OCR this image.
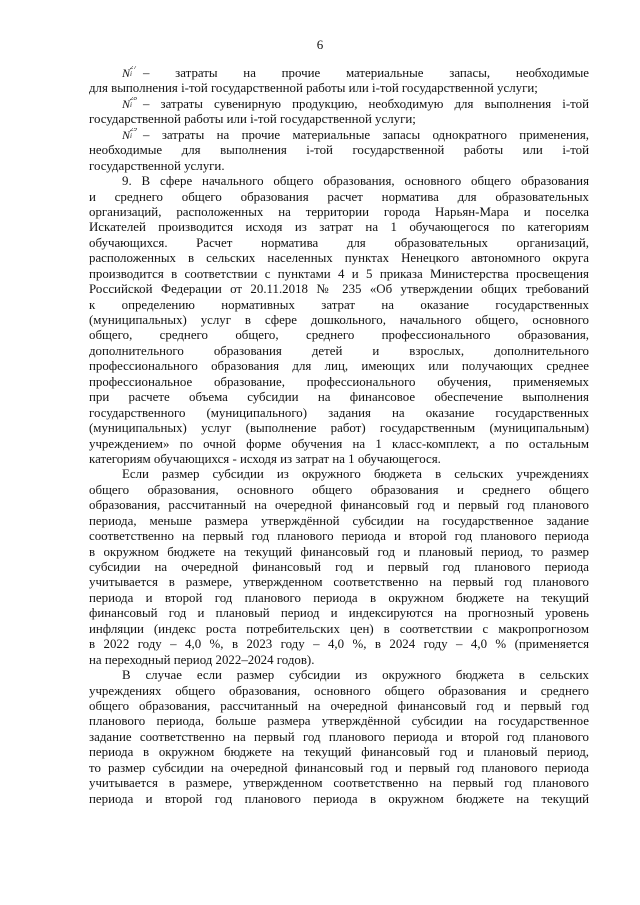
6
N 27
i – затраты на прочие материальные запасы, необходимые
для выполнения i-той государственной работы или i-той государственной услуги;
N 28
i – затраты сувенирную продукцию, необходимую для выполнения i-той
государственной работы или i-той государственной услуги;
N 29
i – затраты на прочие материальные запасы однократного применения,
необходимые для выполнения i-той государственной работы или i-той
государственной услуги.
9. В сфере начального общего образования, основного общего образования
и среднего общего образования расчет норматива для образовательных
организаций, расположенных на территории города Нарьян-Мара и поселка
Искателей производится исходя из затрат на 1 обучающегося по категориям
обучающихся. Расчет норматива для образовательных организаций,
расположенных в сельских населенных пунктах Ненецкого автономного округа
производится в соответствии с пунктами 4 и 5 приказа Министерства просвещения
Российской Федерации от 20.11.2018 № 235 «Об утверждении общих требований
к определению нормативных затрат на оказание государственных
(муниципальных) услуг в сфере дошкольного, начального общего, основного
общего, среднего общего, среднего профессионального образования,
дополнительного образования детей и взрослых, дополнительного
профессионального образования для лиц, имеющих или получающих среднее
профессиональное образование, профессионального обучения, применяемых
при расчете объема субсидии на финансовое обеспечение выполнения
государственного (муниципального) задания на оказание государственных
(муниципальных) услуг (выполнение работ) государственным (муниципальным)
учреждением» по очной форме обучения на 1 класс-комплект, а по остальным
категориям обучающихся - исходя из затрат на 1 обучающегося.
Если размер субсидии из окружного бюджета в сельских учреждениях
общего образования, основного общего образования и среднего общего
образования, рассчитанный на очередной финансовый год и первый год планового
периода, меньше размера утверждённой субсидии на государственное задание
соответственно на первый год планового периода и второй год планового периода
в окружном бюджете на текущий финансовый год и плановый период, то размер
субсидии на очередной финансовый год и первый год планового периода
учитывается в размере, утвержденном соответственно на первый год планового
периода и второй год планового периода в окружном бюджете на текущий
финансовый год и плановый период и индексируются на прогнозный уровень
инфляции (индекс роста потребительских цен) в соответствии с макропрогнозом
в 2022 году – 4,0 %, в 2023 году – 4,0 %, в 2024 году – 4,0 % (применяется
на переходный период 2022–2024 годов).
В случае если размер субсидии из окружного бюджета в сельских
учреждениях общего образования, основного общего образования и среднего
общего образования, рассчитанный на очередной финансовый год и первый год
планового периода, больше размера утверждённой субсидии на государственное
задание соответственно на первый год планового периода и второй год планового
периода в окружном бюджете на текущий финансовый год и плановый период,
то размер субсидии на очередной финансовый год и первый год планового периода
учитывается в размере, утвержденном соответственно на первый год планового
периода и второй год планового периода в окружном бюджете на текущий
